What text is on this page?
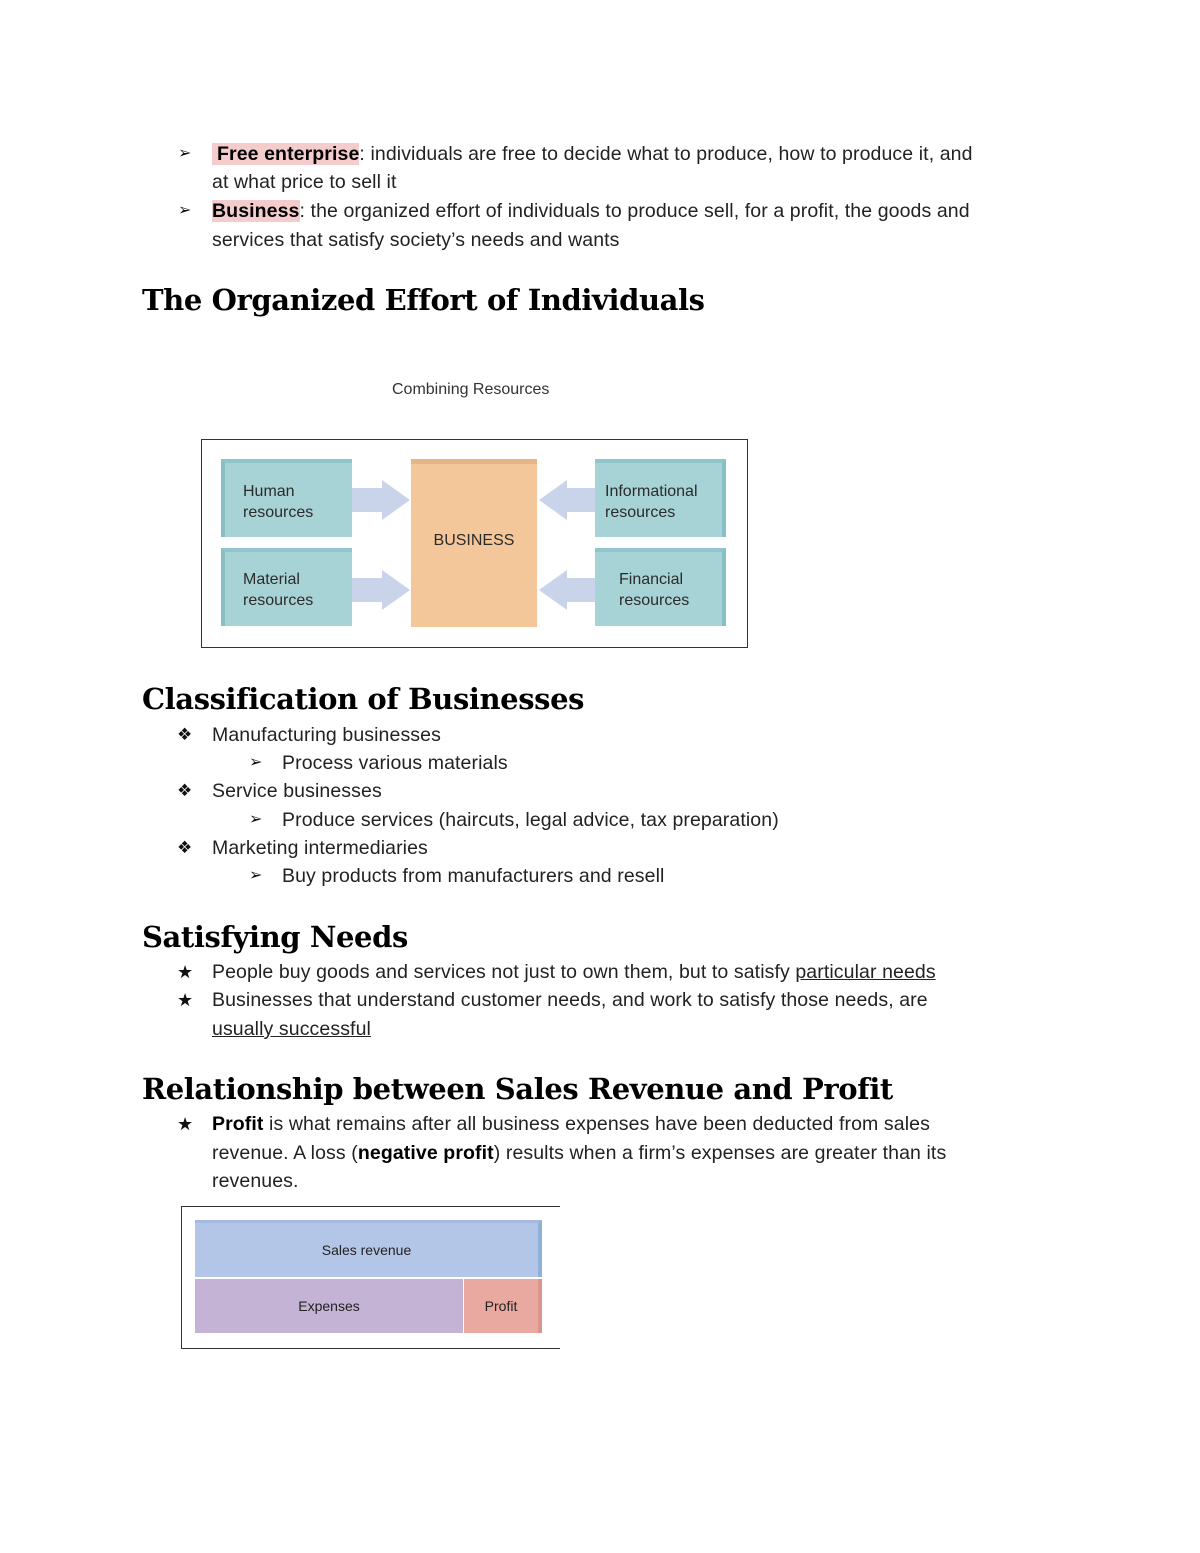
➢ Free enterprise: individuals are free to decide what to produce, how to produce it, and
at what price to sell it
➢ Business: the organized effort of individuals to produce sell, for a profit, the goods and
services that satisfy society’s needs and wants
The Organized Effort of Individuals
Combining Resources
Human
resources
Material
resources
BUSINESS
Informational
resources
Financial
resources
Classification of Businesses
❖ Manufacturing businesses
➢ Process various materials
❖ Service businesses
➢ Produce services (haircuts, legal advice, tax preparation)
❖ Marketing intermediaries
➢ Buy products from manufacturers and resell
Satisfying Needs
★ People buy goods and services not just to own them, but to satisfy particular needs
★ Businesses that understand customer needs, and work to satisfy those needs, are
usually successful
Relationship between Sales Revenue and Profit
★ Profit is what remains after all business expenses have been deducted from sales
revenue. A loss (negative profit) results when a firm’s expenses are greater than its
revenues.
Sales revenue
Expenses	Profit
